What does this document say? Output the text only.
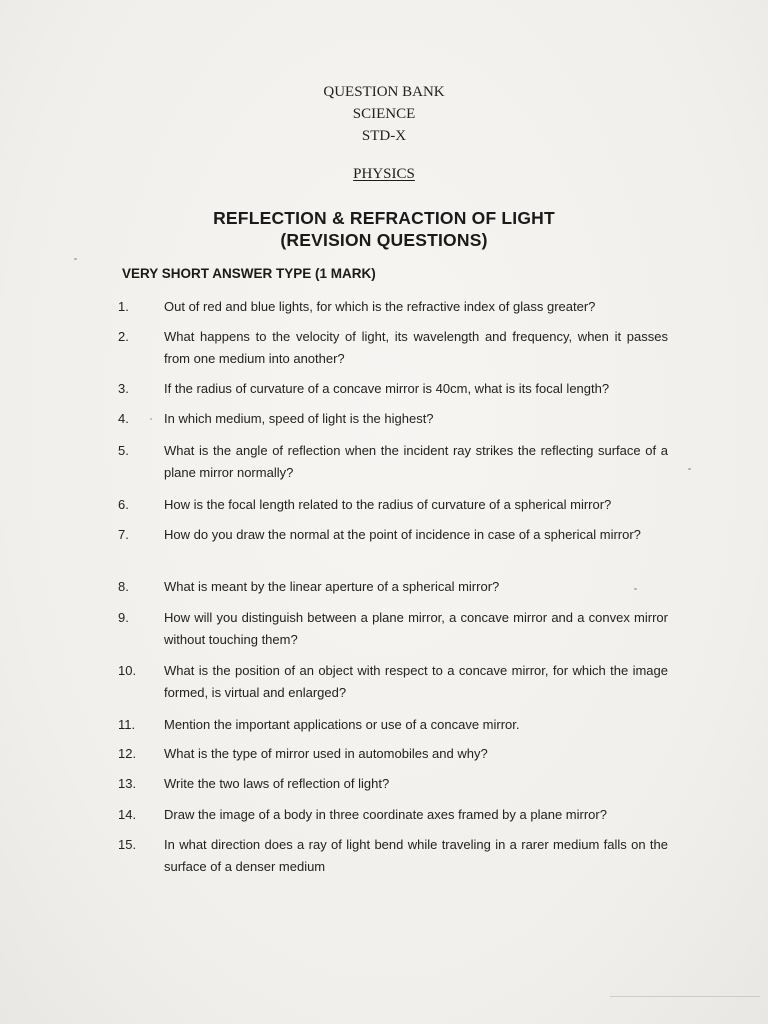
QUESTION BANK
SCIENCE
STD-X
PHYSICS
REFLECTION & REFRACTION OF LIGHT
(REVISION QUESTIONS)
VERY SHORT ANSWER TYPE (1 MARK)
1.	Out of red and blue lights, for which is the refractive index of glass greater?
2.	What happens to the velocity of light, its wavelength and frequency, when it passes from one medium into another?
3.	If the radius of curvature of a concave mirror is 40cm, what is its focal length?
4.	In which medium, speed of light is the highest?
5.	What is the angle of reflection when the incident ray strikes the reflecting surface of a plane mirror normally?
6.	How is the focal length related to the radius of curvature of a spherical mirror?
7.	How do you draw the normal at the point of incidence in case of a spherical mirror?
8.	What is meant by the linear aperture of a spherical mirror?
9.	How will you distinguish between a plane mirror, a concave mirror and a convex mirror without touching them?
10.	What is the position of an object with respect to a concave mirror, for which the image formed, is virtual and enlarged?
11.	Mention the important applications or use of a concave mirror.
12.	What is the type of mirror used in automobiles and why?
13.	Write the two laws of reflection of light?
14.	Draw the image of a body in three coordinate axes framed by a plane mirror?
15.	In what direction does a ray of light bend while traveling in a rarer medium falls on the surface of a denser medium
